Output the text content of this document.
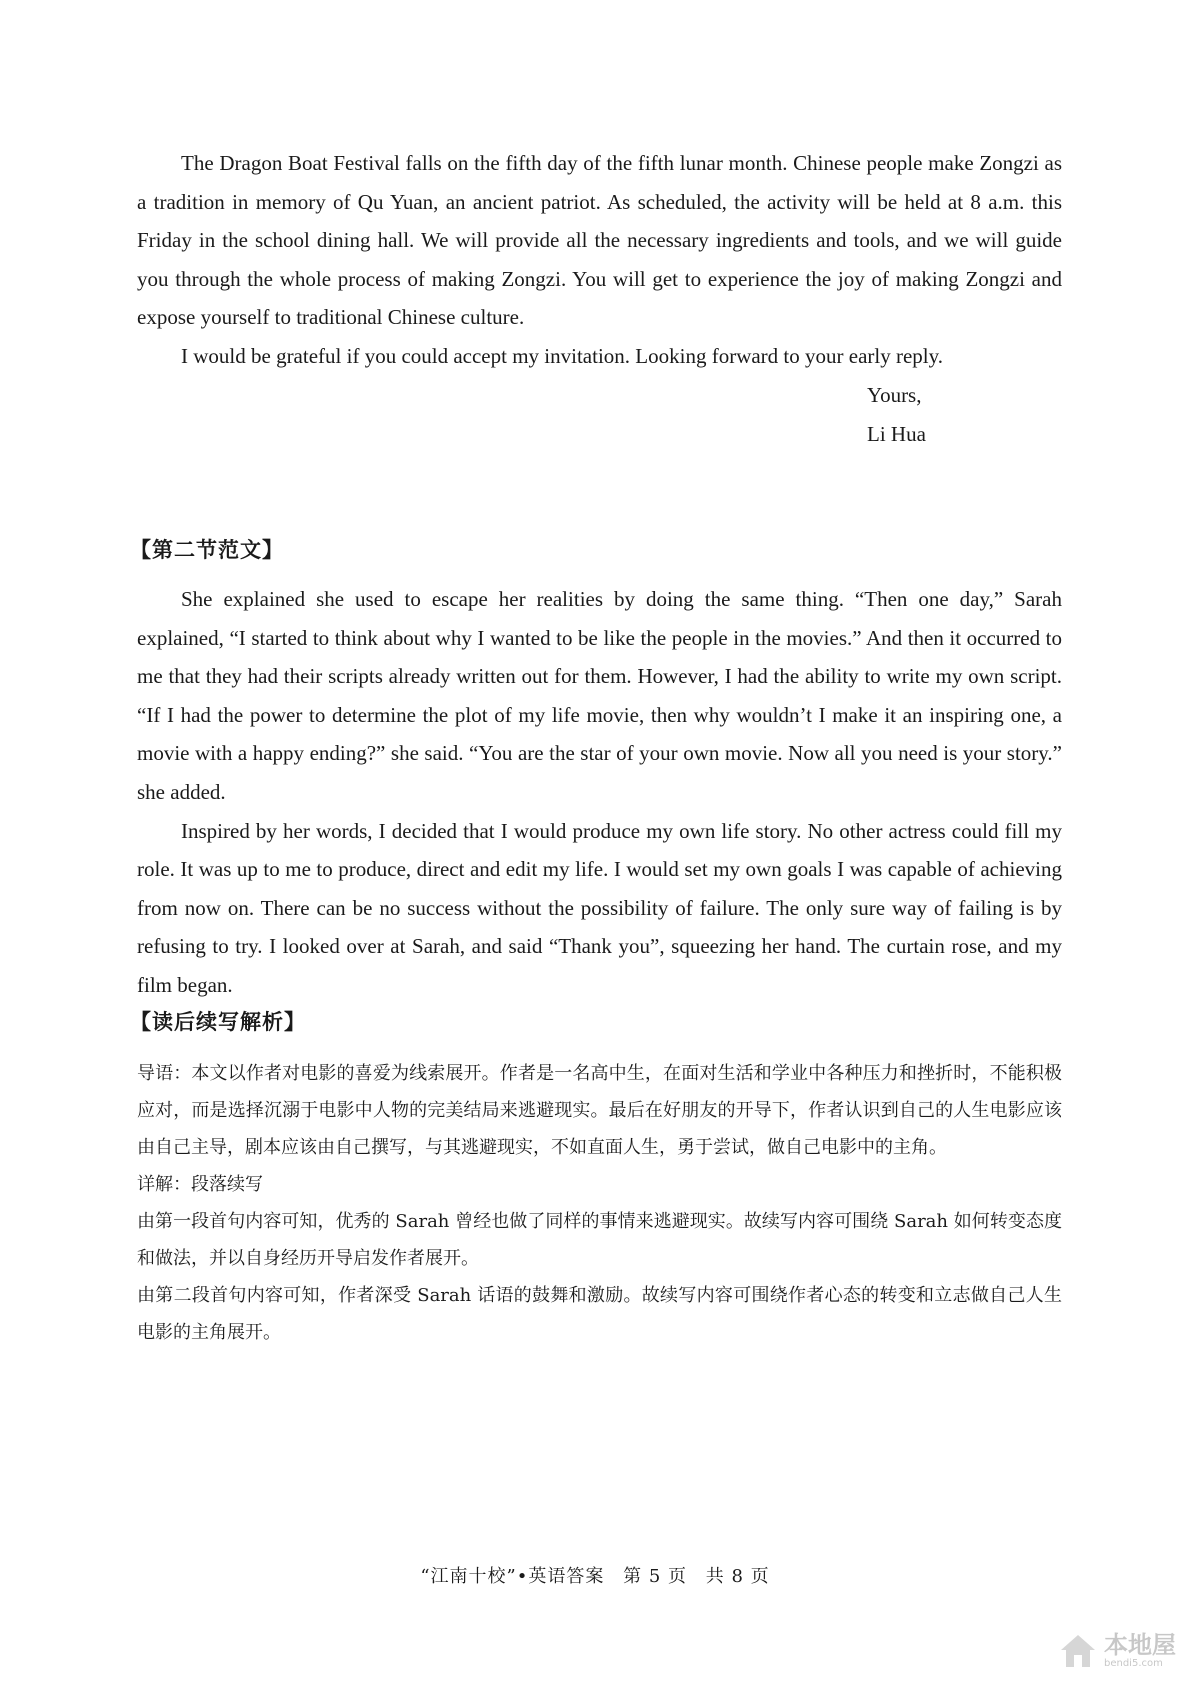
The Dragon Boat Festival falls on the fifth day of the fifth lunar month. Chinese people make Zongzi as a tradition in memory of Qu Yuan, an ancient patriot. As scheduled, the activity will be held at 8 a.m. this Friday in the school dining hall. We will provide all the necessary ingredients and tools, and we will guide you through the whole process of making Zongzi. You will get to experience the joy of making Zongzi and expose yourself to traditional Chinese culture.

I would be grateful if you could accept my invitation. Looking forward to your early reply.

Yours,
Li Hua
【第二节范文】

She explained she used to escape her realities by doing the same thing. “Then one day,” Sarah explained, “I started to think about why I wanted to be like the people in the movies.” And then it occurred to me that they had their scripts already written out for them. However, I had the ability to write my own script. “If I had the power to determine the plot of my life movie, then why wouldn’t I make it an inspiring one, a movie with a happy ending?” she said. “You are the star of your own movie. Now all you need is your story.” she added.

Inspired by her words, I decided that I would produce my own life story. No other actress could fill my role. It was up to me to produce, direct and edit my life. I would set my own goals I was capable of achieving from now on. There can be no success without the possibility of failure. The only sure way of failing is by refusing to try. I looked over at Sarah, and said “Thank you”, squeezing her hand. The curtain rose, and my film began.

【读后续写解析】

导语：本文以作者对电影的喜爱为线索展开。作者是一名高中生，在面对生活和学业中各种压力和挫折时，不能积极应对，而是选择沉溺于电影中人物的完美结局来逃避现实。最后在好朋友的开导下，作者认识到自己的人生电影应该由自己主导，剧本应该由自己撰写，与其逃避现实，不如直面人生，勇于尝试，做自己电影中的主角。

详解：段落续写

由第一段首句内容可知，优秀的 Sarah 曾经也做了同样的事情来逃避现实。故续写内容可围绕 Sarah 如何转变态度和做法，并以自身经历开导启发作者展开。

由第二段首句内容可知，作者深受 Sarah 话语的鼓舞和激励。故续写内容可围绕作者心态的转变和立志做自己人生电影的主角展开。

“江南十校”•英语答案 第 5 页 共 8 页
本地屋
bendi5.com
